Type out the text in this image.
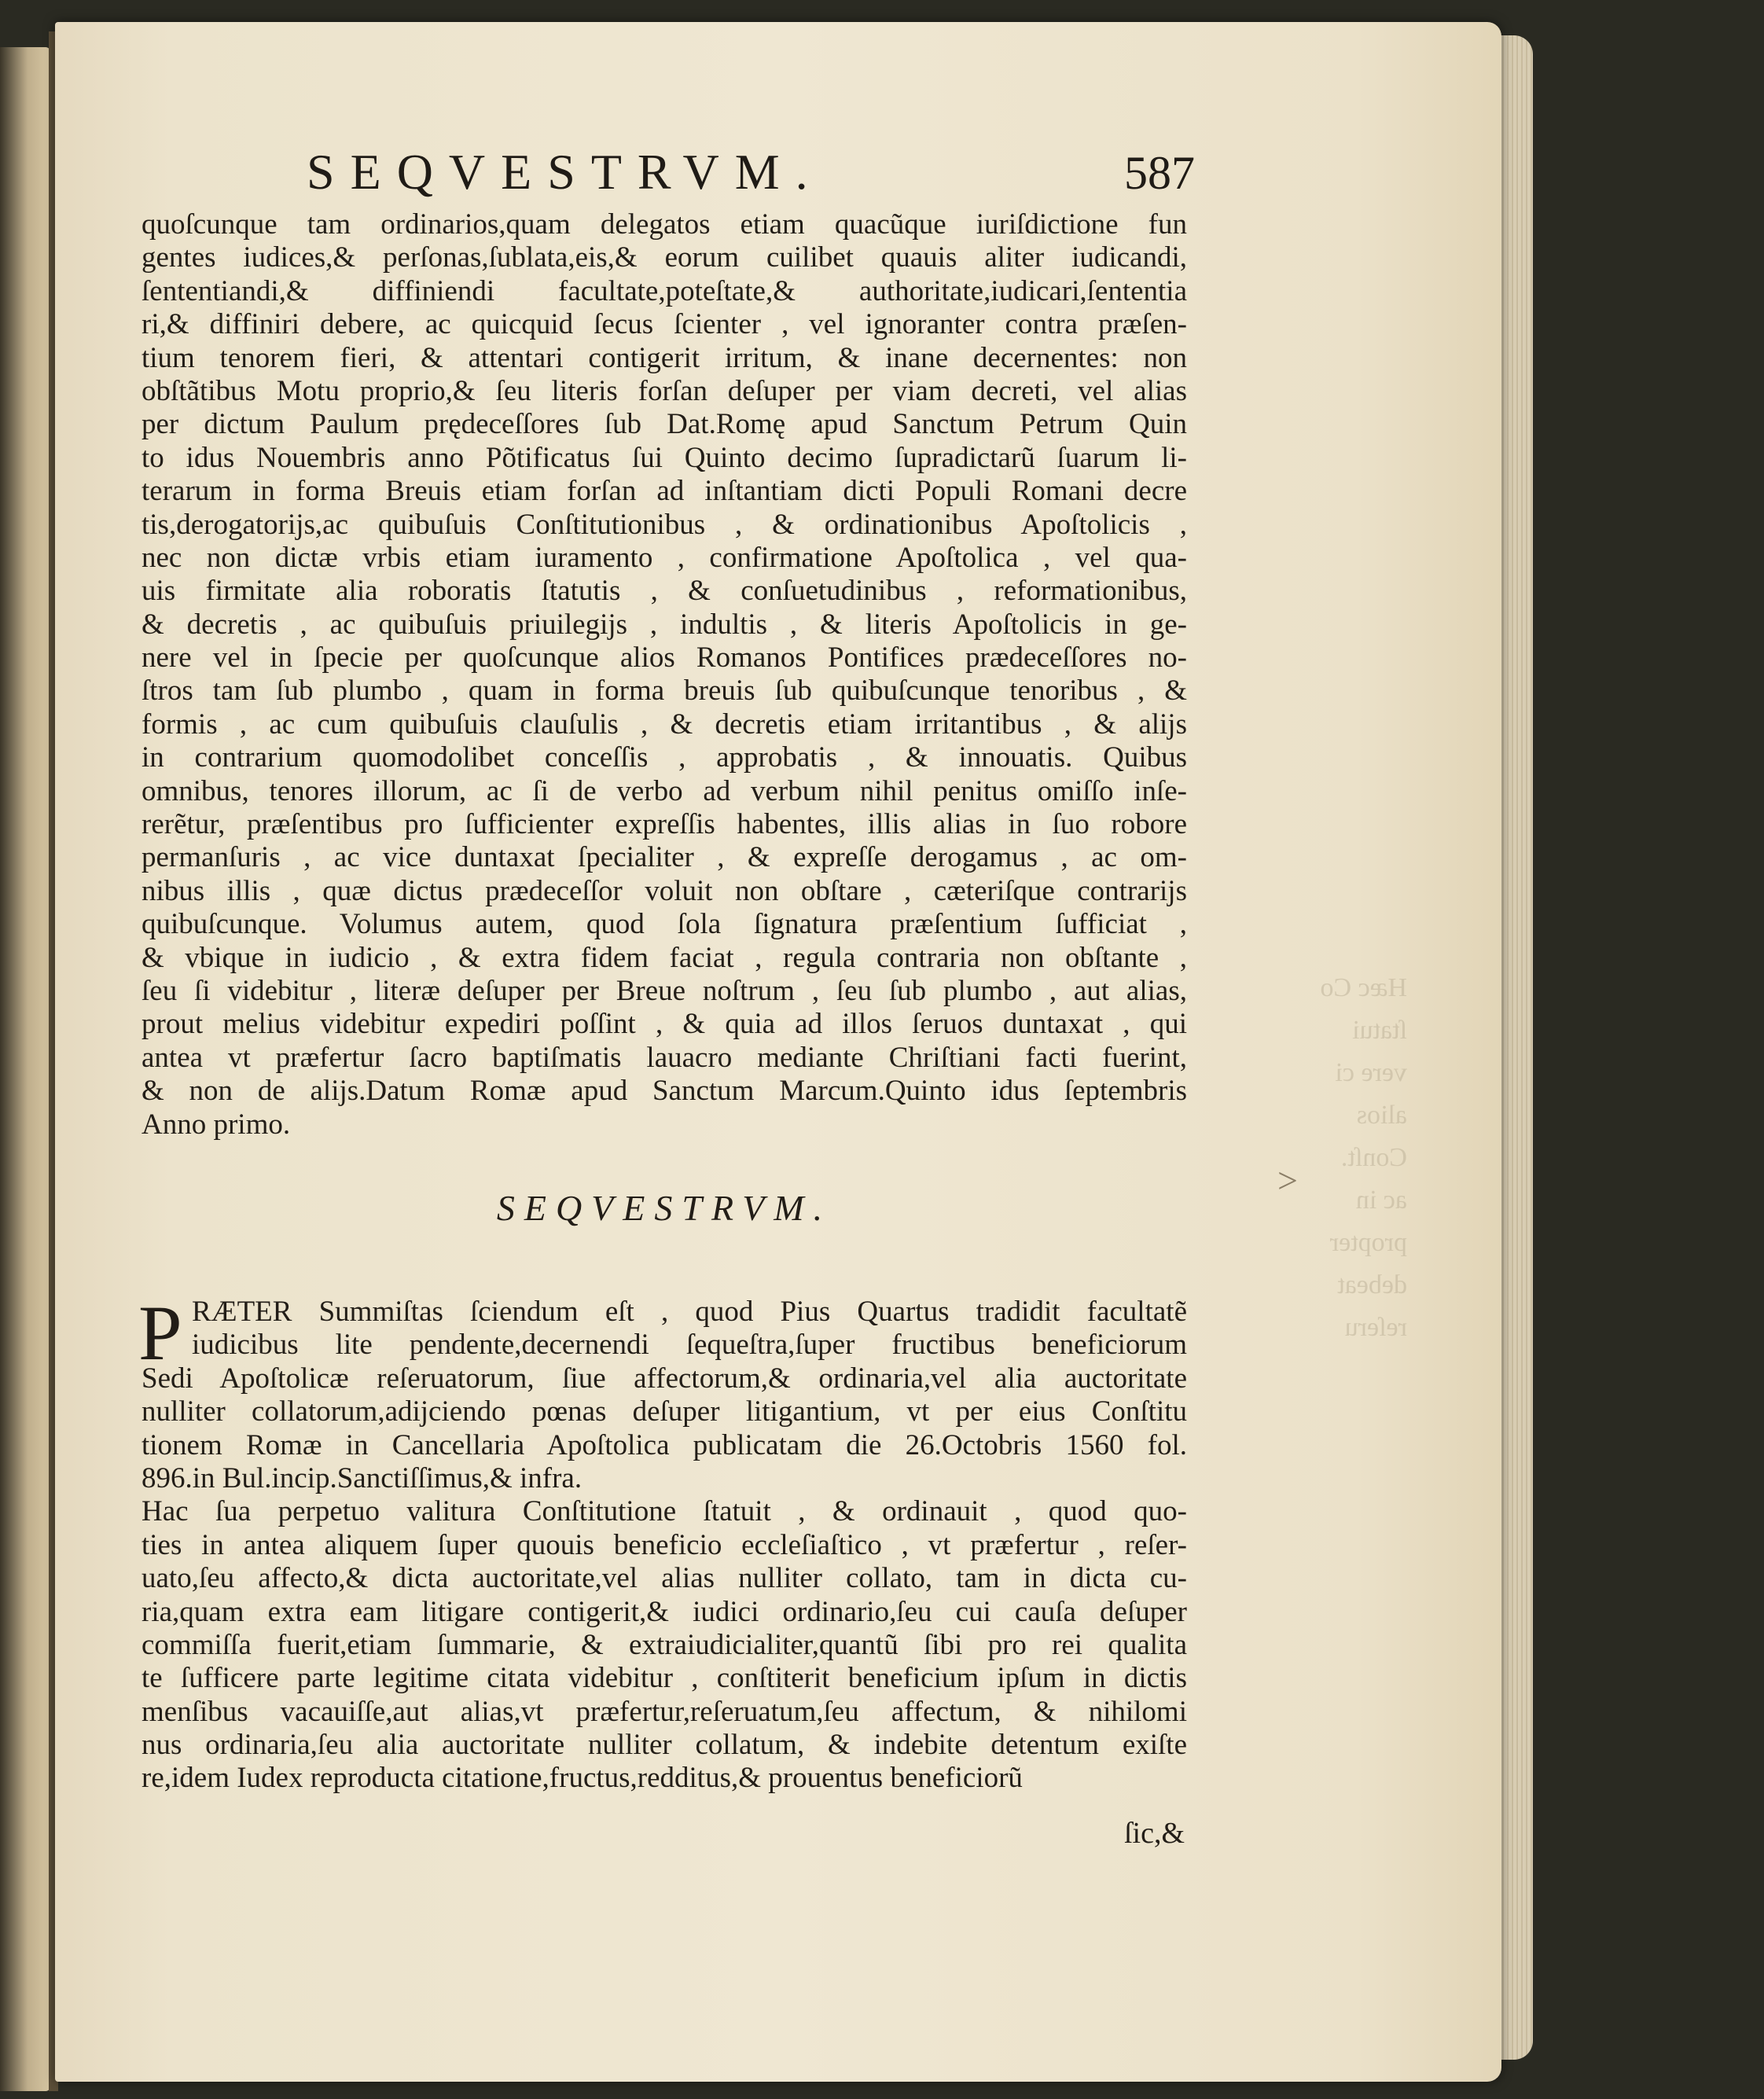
Hæc Co
ſtatui
vere ci
alios
Conſt.
ac in
propter
debeat
reſeru
SEQVESTRVM.	587
quoſcunque tam ordinarios,quam delegatos etiam quacũque iuriſdictione fun
gentes iudices,& perſonas,ſublata,eis,& eorum cuilibet quauis aliter iudicandi,
ſententiandi,& diffiniendi facultate,poteſtate,& authoritate,iudicari,ſententia
ri,& diffiniri debere, ac quicquid ſecus ſcienter , vel ignoranter contra præſen-
tium tenorem fieri, & attentari contigerit irritum, & inane decernentes: non
obſtãtibus Motu proprio,& ſeu literis forſan deſuper per viam decreti, vel alias
per dictum Paulum prędeceſſores ſub Dat.Romę apud Sanctum Petrum Quin
to idus Nouembris anno Põtificatus ſui Quinto decimo ſupradictarũ ſuarum li-
terarum in forma Breuis etiam forſan ad inſtantiam dicti Populi Romani decre
tis,derogatorijs,ac quibuſuis Conſtitutionibus , & ordinationibus Apoſtolicis ,
nec non dictæ vrbis etiam iuramento , confirmatione Apoſtolica , vel qua-
uis firmitate alia roboratis ſtatutis , & conſuetudinibus , reformationibus,
& decretis , ac quibuſuis priuilegijs , indultis , & literis Apoſtolicis in ge-
nere vel in ſpecie per quoſcunque alios Romanos Pontifices prædeceſſores no-
ſtros tam ſub plumbo , quam in forma breuis ſub quibuſcunque tenoribus , &
formis , ac cum quibuſuis clauſulis , & decretis etiam irritantibus , & alijs
in contrarium quomodolibet conceſſis , approbatis , & innouatis. Quibus
omnibus, tenores illorum, ac ſi de verbo ad verbum nihil penitus omiſſo inſe-
rerẽtur, præſentibus pro ſufficienter expreſſis habentes, illis alias in ſuo robore
permanſuris , ac vice duntaxat ſpecialiter , & expreſſe derogamus , ac om-
nibus illis , quæ dictus prædeceſſor voluit non obſtare , cæteriſque contrarijs
quibuſcunque. Volumus autem, quod ſola ſignatura præſentium ſufficiat ,
& vbique in iudicio , & extra fidem faciat , regula contraria non obſtante ,
ſeu ſi videbitur , literæ deſuper per Breue noſtrum , ſeu ſub plumbo , aut alias,
prout melius videbitur expediri poſſint , & quia ad illos ſeruos duntaxat , qui
antea vt præfertur ſacro baptiſmatis lauacro mediante Chriſtiani facti fuerint,
& non de alijs.Datum Romæ apud Sanctum Marcum.Quinto idus ſeptembris
Anno primo.
SEQVESTRVM.
P RÆTER Summiſtas ſciendum eſt , quod Pius Quartus tradidit facultatẽ
iudicibus lite pendente,decernendi ſequeſtra,ſuper fructibus beneficiorum
Sedi Apoſtolicæ reſeruatorum, ſiue affectorum,& ordinaria,vel alia auctoritate
nulliter collatorum,adijciendo pœnas deſuper litigantium, vt per eius Conſtitu
tionem Romæ in Cancellaria Apoſtolica publicatam die 26.Octobris 1560 fol.
896.in Bul.incip.Sanctiſſimus,& infra.
Hac ſua perpetuo valitura Conſtitutione ſtatuit , & ordinauit , quod quo-
ties in antea aliquem ſuper quouis beneficio eccleſiaſtico , vt præfertur , reſer-
uato,ſeu affecto,& dicta auctoritate,vel alias nulliter collato, tam in dicta cu-
ria,quam extra eam litigare contigerit,& iudici ordinario,ſeu cui cauſa deſuper
commiſſa fuerit,etiam ſummarie, & extraiudicialiter,quantũ ſibi pro rei qualita
te ſufficere parte legitime citata videbitur , conſtiterit beneficium ipſum in dictis
menſibus vacauiſſe,aut alias,vt præfertur,reſeruatum,ſeu affectum, & nihilomi
nus ordinaria,ſeu alia auctoritate nulliter collatum, & indebite detentum exiſte
re,idem Iudex reproducta citatione,fructus,redditus,& prouentus beneficiorũ
ſic,&
˃
